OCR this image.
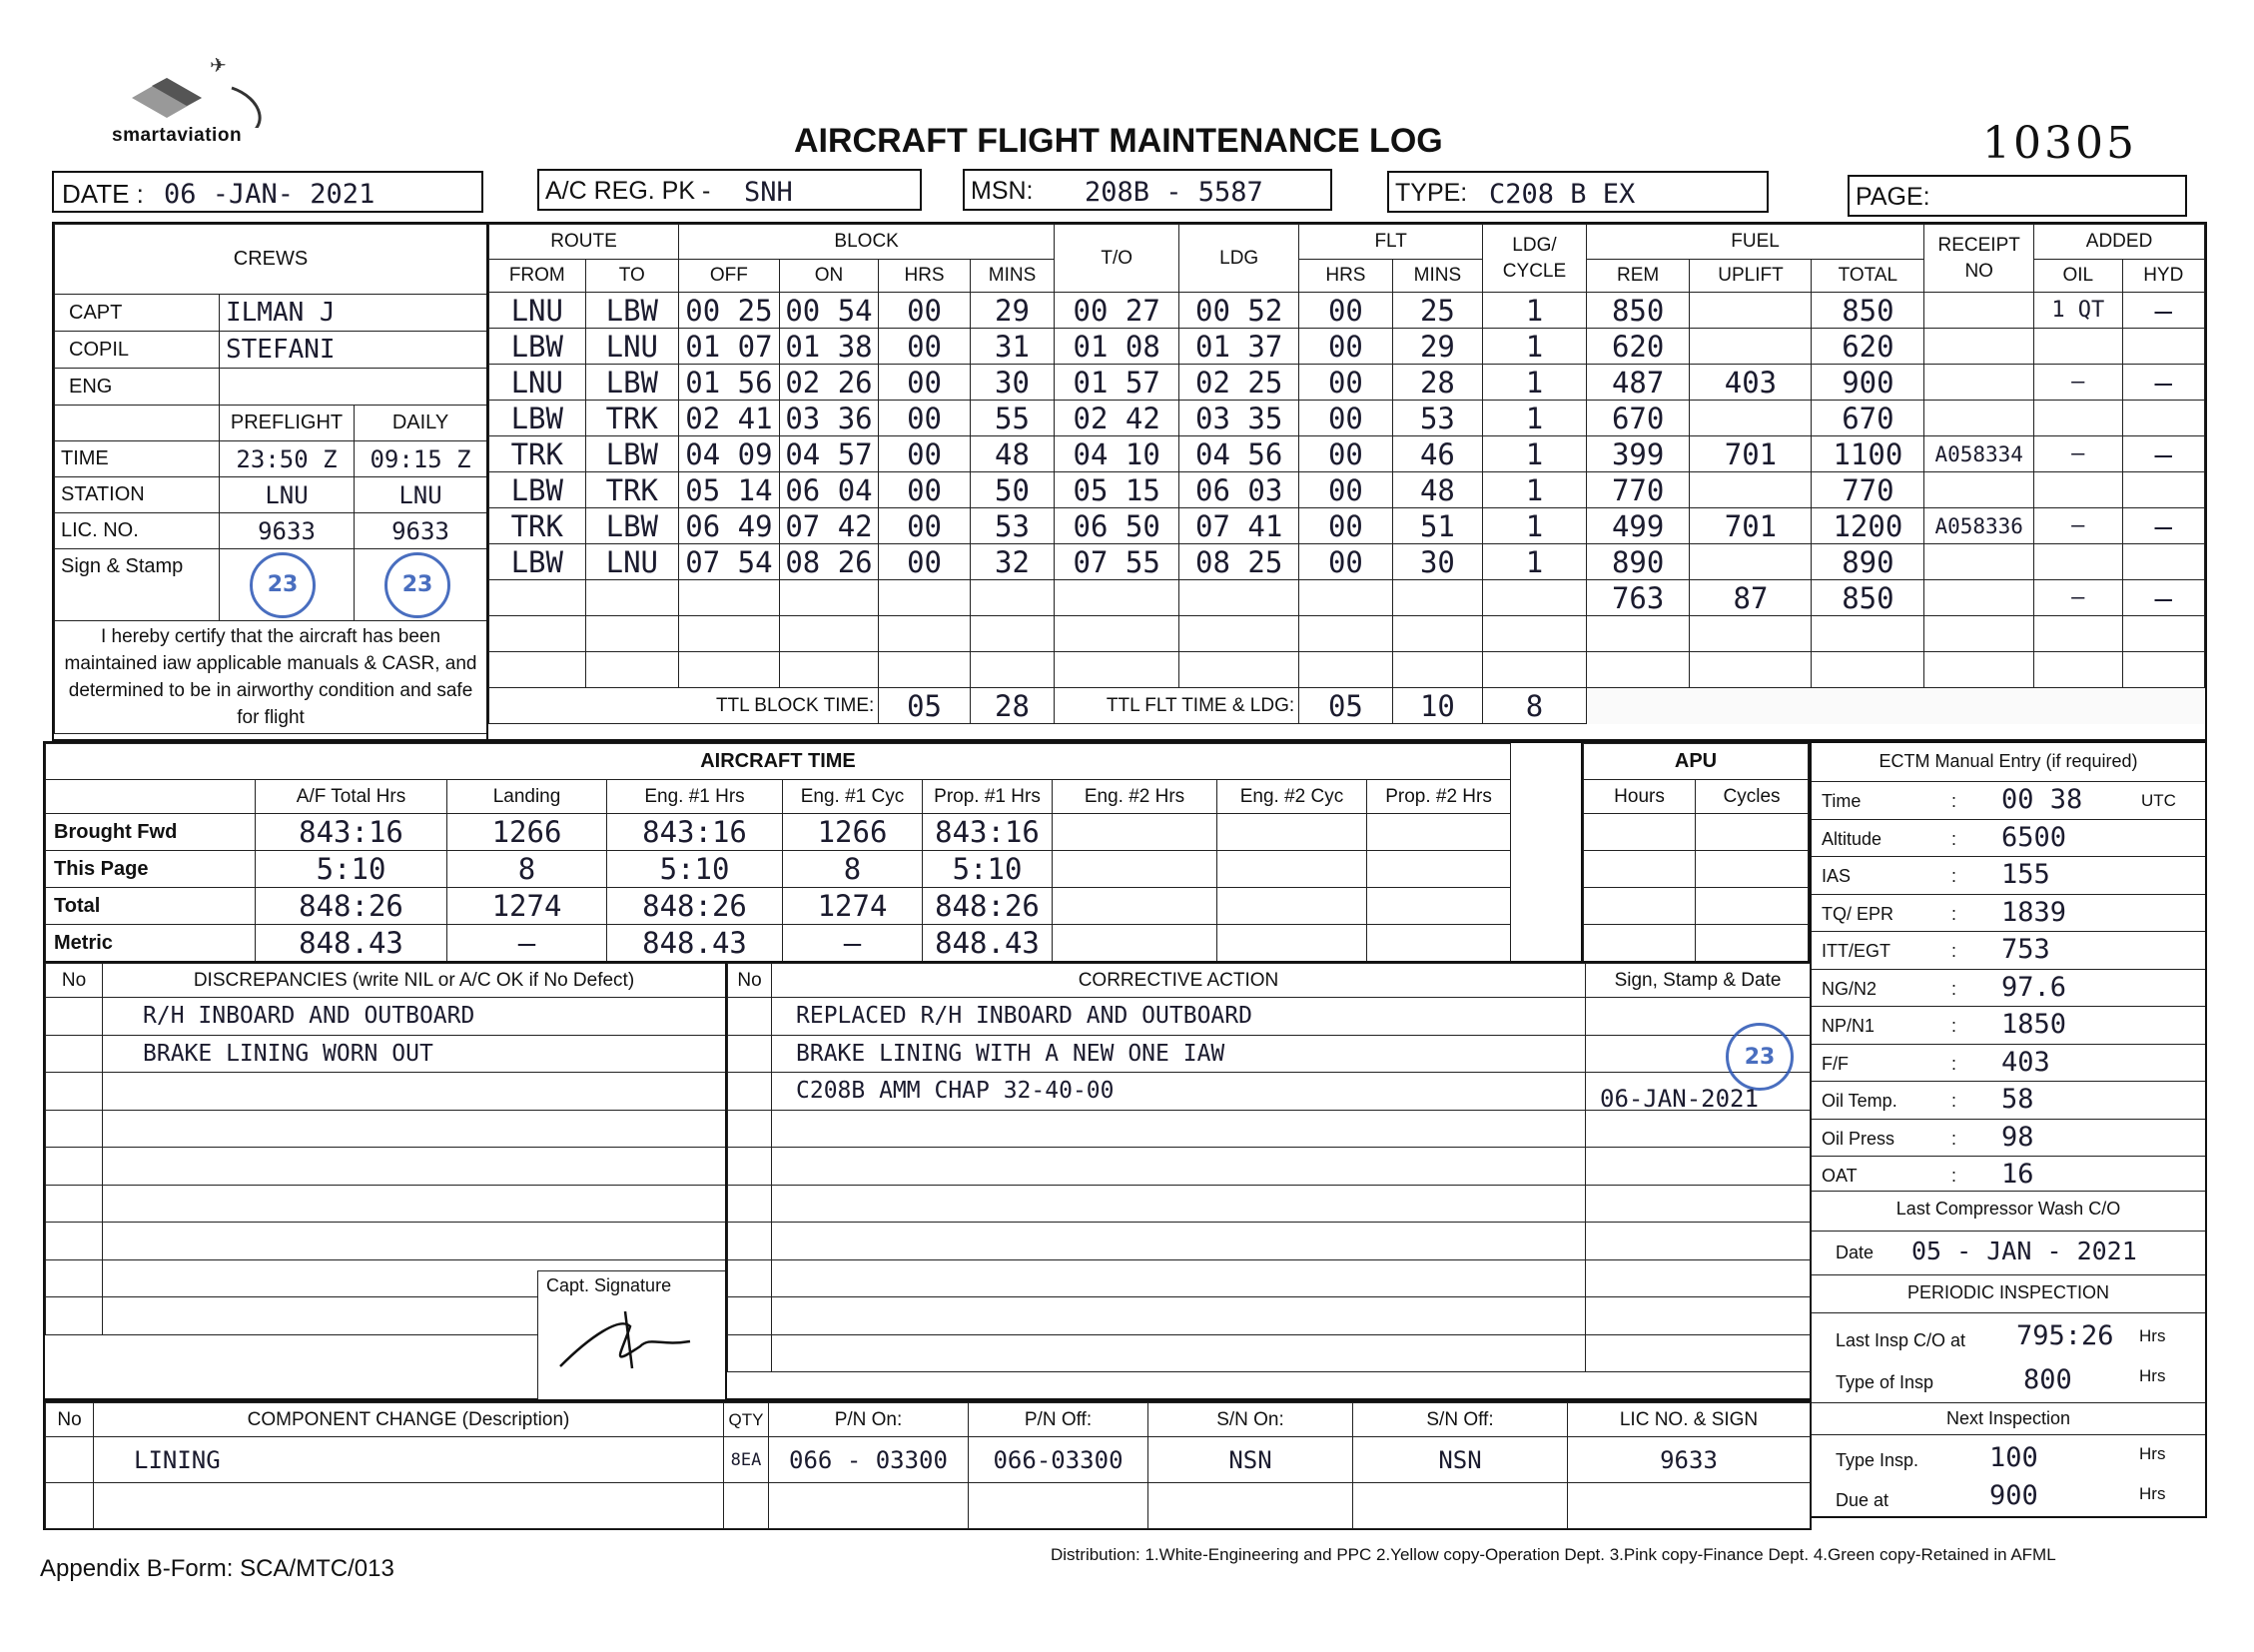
✈
smartaviation	AIRCRAFT FLIGHT MAINTENANCE LOG	10305
DATE : 06 -JAN- 2021	A/C REG. PK - SNH	MSN: 208B - 5587	TYPE: C208 B EX	PAGE:
CREWS		
CAPT	ILMAN J	
COPIL	STEFANI	
ENG		
	PREFLIGHT	DAILY
TIME	23:50 Z	09:15 Z
STATION	LNU	LNU
LIC. NO.	9633	9633
Sign & Stamp	23	23

I hereby certify that the aircraft has been maintained iaw applicable manuals & CASR, and determined to be in airworthy condition and safe for flight		
ROUTE		BLOCK				T/O	LDG	FLT		LDG/ CYCLE	FUEL			RECEIPT NO	ADDED	
FROM	TO	OFF	ON	HRS	MINS			HRS	MINS		REM	UPLIFT	TOTAL		OIL	HYD
LNU	LBW	00 25	00 54	00	29	00 27	00 52	00	25	1	850		850		1 QT	–
LBW	LNU	01 07	01 38	00	31	01 08	01 37	00	29	1	620		620			
LNU	LBW	01 56	02 26	00	30	01 57	02 25	00	28	1	487	403	900		–	–
LBW	TRK	02 41	03 36	00	55	02 42	03 35	00	53	1	670		670			
TRK	LBW	04 09	04 57	00	48	04 10	04 56	00	46	1	399	701	1100	A058334	–	–
LBW	TRK	05 14	06 04	00	50	05 15	06 03	00	48	1	770		770			
TRK	LBW	06 49	07 42	00	53	06 50	07 41	00	51	1	499	701	1200	A058336	–	–
LBW	LNU	07 54	08 26	00	32	07 55	08 25	00	30	1	890		890			
											763	87	850		–	–

TTL BLOCK TIME:				05	28	TTL FLT TIME & LDG:		05	10	8						
AIRCRAFT TIME									
	A/F Total Hrs	Landing	Eng. #1 Hrs	Eng. #1 Cyc	Prop. #1 Hrs	Eng. #2 Hrs	Eng. #2 Cyc	Prop. #2 Hrs	
Brought Fwd	843:16	1266	843:16	1266	843:16				
This Page	5:10	8	5:10	8	5:10				
Total	848:26	1274	848:26	1274	848:26				
Metric	848.43	–	848.43	–	848.43				
APU	
Hours	Cycles

ECTM Manual Entry (if required)
Time	: 00 38	UTC
Altitude	: 6500
IAS	: 155
TQ/ EPR	: 1839
ITT/EGT	: 753
NG/N2	: 97.6
NP/N1	: 1850
F/F	: 403
Oil Temp.	: 58
Oil Press	: 98
OAT	: 16
Last Compressor Wash C/O
Date 05 - JAN - 2021
PERIODIC INSPECTION
Last Insp C/O at 795:26 Hrs
Type of Insp	800	Hrs
Next Inspection
Type Insp.	100	Hrs
Due at	900	Hrs
No	DISCREPANCIES (write NIL or A/C OK if No Defect)
	R/H INBOARD AND OUTBOARD
	BRAKE LINING WORN OUT

Capt. Signature
No	CORRECTIVE ACTION	Sign, Stamp & Date
	REPLACED R/H INBOARD AND OUTBOARD	
	BRAKE LINING WITH A NEW ONE IAW	
	C208B AMM CHAP 32-40-00	

23
06-JAN-2021
No	COMPONENT CHANGE (Description)	QTY	P/N On:	P/N Off:	S/N On:	S/N Off:	LIC NO. & SIGN
	LINING	8EA	066 - 03300	066-03300	NSN	NSN	9633

Appendix B-Form: SCA/MTC/013
Distribution: 1.White-Engineering and PPC 2.Yellow copy-Operation Dept. 3.Pink copy-Finance Dept. 4.Green copy-Retained in AFML
